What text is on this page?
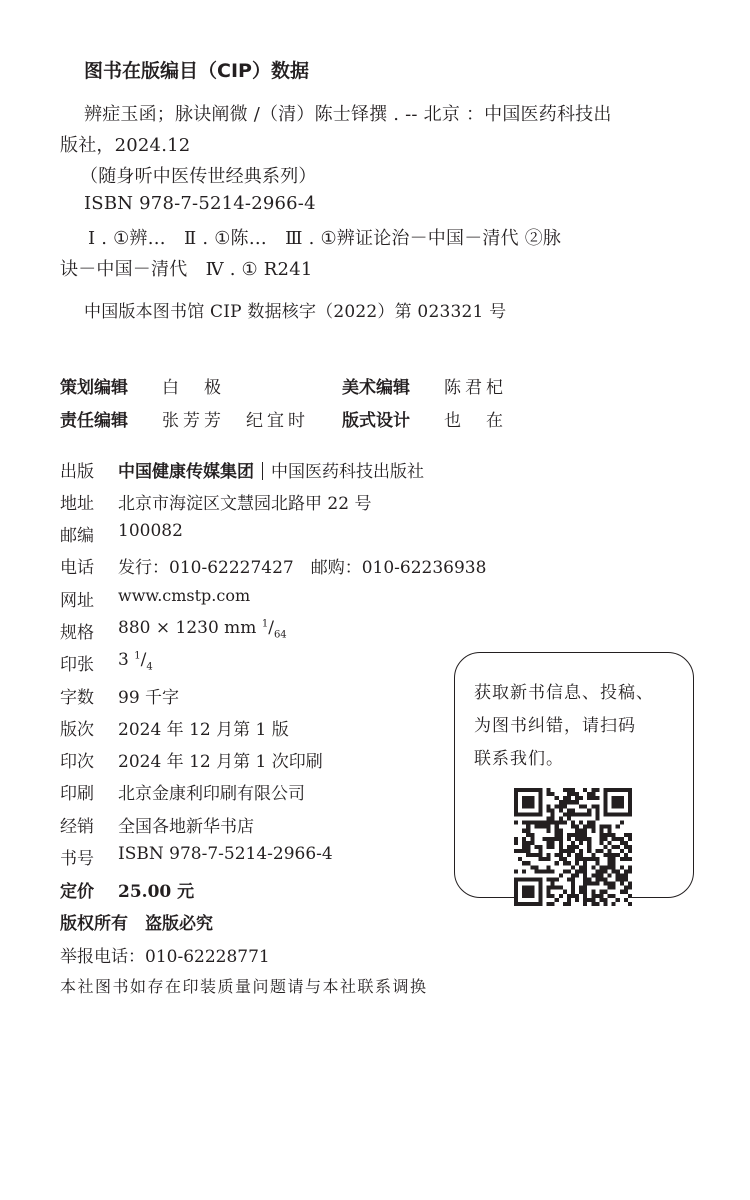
图书在版编目（CIP）数据
辨症玉函；脉诀阐微 /（清）陈士铎撰 . -- 北京 ：中国医药科技出
版社，2024.12
（随身听中医传世经典系列）
ISBN 978-7-5214-2966-4
Ⅰ . ①辨…　Ⅱ . ①陈…　Ⅲ . ①辨证论治－中国－清代 ②脉
诀－中国－清代　Ⅳ . ① R241
中国版本图书馆 CIP 数据核字（2022）第 023321 号
策划编辑 白　极	美术编辑 陈君杞
责任编辑 张芳芳　纪宜时 版式设计 也　在
出版 中国健康传媒集团 中国医药科技出版社
地址 北京市海淀区文慧园北路甲 22 号
邮编 100082
电话 发行：010-62227427　邮购：010-62236938
网址 www.cmstp.com
规格 880 × 1230 mm $^1/_{64}$
印张 3 $^1/_4$
字数 99 千字
版次 2024 年 12 月第 1 版
印次 2024 年 12 月第 1 次印刷
印刷 北京金康利印刷有限公司
经销 全国各地新华书店
书号 ISBN 978-7-5214-2966-4
定价 25.00 元
版权所有　盗版必究
举报电话：010-62228771
本社图书如存在印装质量问题请与本社联系调换
获取新书信息、投稿、
为图书纠错，请扫码
联系我们。
